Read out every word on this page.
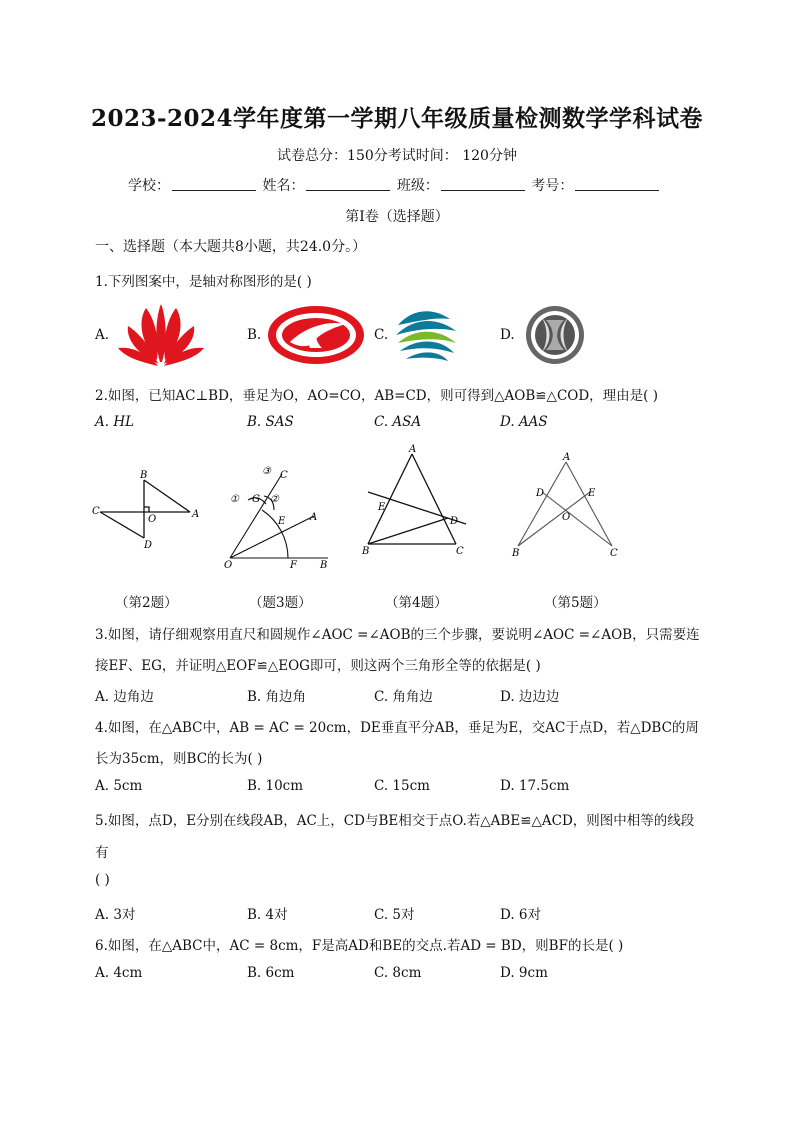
2023-2024学年度第一学期八年级质量检测数学学科试卷
试卷总分：150分考试时间： 120分钟
学校：	姓名：	班级：	考号：
第I卷（选择题）
一、选择题（本大题共8小题，共24.0分。）
1.下列图案中，是轴对称图形的是( )
A.	B.	C.	D.
2.如图，已知AC⊥BD，垂足为O，AO=CO，AB=CD，则可得到△AOB≌△COD，理由是( )
A. HL	B. SAS	C. ASA	D. AAS
B
C
O	A
D
③ C
① G ②
E A
O	F B
A
E
D
B	C
A
D	E
O
B	C
（第2题）	（题3题）	（第4题）	（第5题）
3.如图，请仔细观察用直尺和圆规作∠AOC =∠AOB的三个步骤，要说明∠AOC =∠AOB，只需要连
接EF、EG，并证明△EOF≌△EOG即可，则这两个三角形全等的依据是( )
A. 边角边	B. 角边角	C. 角角边	D. 边边边
4.如图，在△ABC中，AB = AC = 20cm，DE垂直平分AB，垂足为E，交AC于点D，若△DBC的周
长为35cm，则BC的长为( )
A. 5cm	B. 10cm	C. 15cm	D. 17.5cm
5.如图，点D，E分别在线段AB，AC上，CD与BE相交于点O.若△ABE≌△ACD，则图中相等的线段
有
( )
A. 3对	B. 4对	C. 5对	D. 6对
6.如图，在△ABC中，AC = 8cm，F是高AD和BE的交点.若AD = BD，则BF的长是( )
A. 4cm	B. 6cm	C. 8cm	D. 9cm
